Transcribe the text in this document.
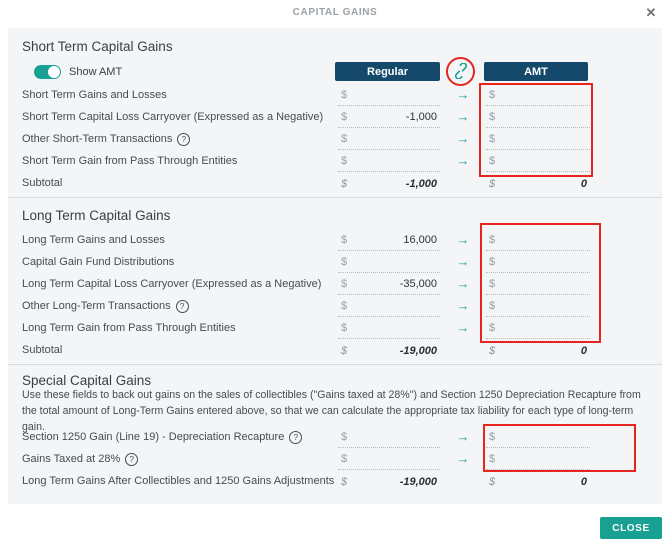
CAPITAL GAINS	✕
Short Term Capital Gains
Show AMT	Regular	AMT
Short Term Gains and Losses	$	→	$
Short Term Capital Loss Carryover (Expressed as a Negative) $	-1,000	→	$
Other Short-Term Transactions	?	$	→	$
Short Term Gain from Pass Through Entities	$	→	$
Subtotal	$	-1,000	$	0
Long Term Capital Gains
Long Term Gains and Losses	$	16,000	→	$
Capital Gain Fund Distributions	$	→	$
Long Term Capital Loss Carryover (Expressed as a Negative) $	-35,000	→	$
Other Long-Term Transactions	?	$	→	$
Long Term Gain from Pass Through Entities	$	→	$
Subtotal	$	-19,000	$	0
Special Capital Gains
Use these fields to back out gains on the sales of collectibles ("Gains taxed at 28%") and Section 1250 Depreciation Recapture from the total amount of Long-Term Gains entered above, so that we can calculate the appropriate tax liability for each type of long-term gain.
Section 1250 Gain (Line 19) - Depreciation Recapture	?	$	→	$
Gains Taxed at 28%	?	$	→	$
Long Term Gains After Collectibles and 1250 Gains Adjustments $	-19,000	$	0
CLOSE
